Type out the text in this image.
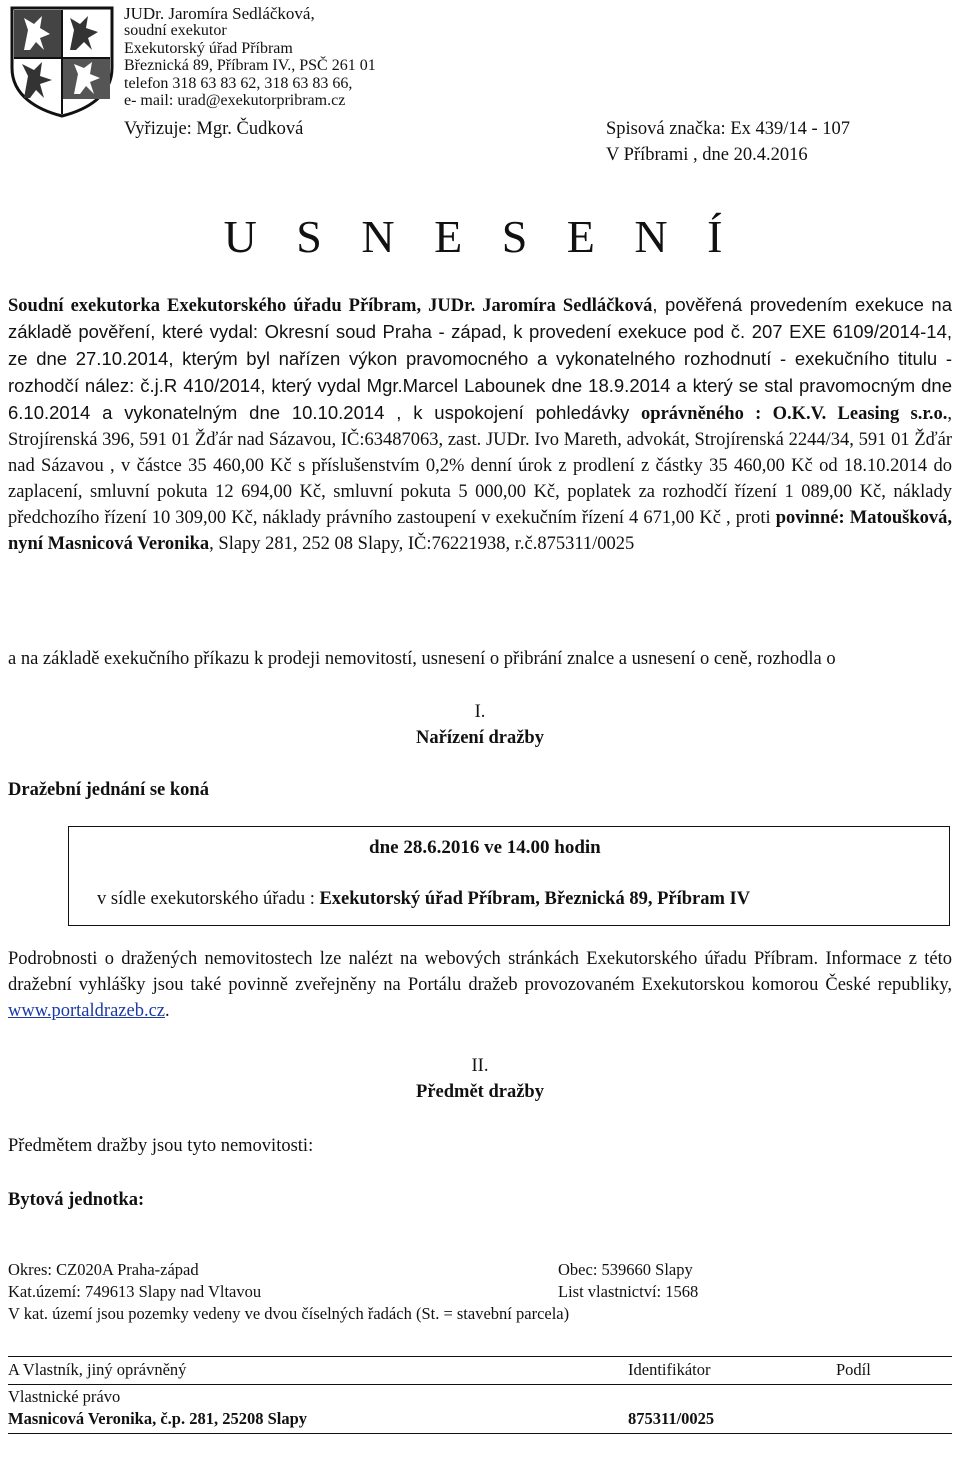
JUDr. Jaromíra Sedláčková,
soudní exekutor
Exekutorský úřad Příbram
Březnická 89, Příbram IV., PSČ 261 01
telefon 318 63 83 62, 318 63 83 66,
e- mail: urad@exekutorpribram.cz
Vyřizuje: Mgr. Čudková	Spisová značka: Ex 439/14 - 107
V Příbrami , dne 20.4.2016
U S N E S E N Í
Soudní exekutorka Exekutorského úřadu Příbram, JUDr. Jaromíra Sedláčková, pověřená provedením exekuce na základě pověření, které vydal: Okresní soud Praha - západ, k provedení exekuce pod č. 207 EXE 6109/2014-14, ze dne 27.10.2014, kterým byl nařízen výkon pravomocného a vykonatelného rozhodnutí - exekučního titulu - rozhodčí nález: č.j.R 410/2014, který vydal Mgr.Marcel Labounek dne 18.9.2014 a který se stal pravomocným dne 6.10.2014 a vykonatelným dne 10.10.2014 , k uspokojení pohledávky oprávněného : O.K.V. Leasing s.r.o., Strojírenská 396, 591 01 Žďár nad Sázavou, IČ:63487063, zast. JUDr. Ivo Mareth, advokát, Strojírenská 2244/34, 591 01 Žďár nad Sázavou , v částce 35 460,00 Kč s příslušenstvím 0,2% denní úrok z prodlení z částky 35 460,00 Kč od 18.10.2014 do zaplacení, smluvní pokuta 12 694,00 Kč, smluvní pokuta 5 000,00 Kč, poplatek za rozhodčí řízení 1 089,00 Kč, náklady předchozího řízení 10 309,00 Kč, náklady právního zastoupení v exekučním řízení 4 671,00 Kč , proti povinné: Matoušková, nyní Masnicová Veronika, Slapy 281, 252 08 Slapy, IČ:76221938, r.č.875311/0025
a na základě exekučního příkazu k prodeji nemovitostí, usnesení o přibrání znalce a usnesení o ceně, rozhodla o
I.
Nařízení dražby
Dražební jednání se koná
dne 28.6.2016 ve 14.00 hodin
v sídle exekutorského úřadu : Exekutorský úřad Příbram, Březnická 89, Příbram IV
Podrobnosti o dražených nemovitostech lze nalézt na webových stránkách Exekutorského úřadu Příbram. Informace z této dražební vyhlášky jsou také povinně zveřejněny na Portálu dražeb provozovaném Exekutorskou komorou České republiky, www.portaldrazeb.cz.
II.
Předmět dražby
Předmětem dražby jsou tyto nemovitosti:
Bytová jednotka:
Okres: CZ020A Praha-západ	Obec: 539660 Slapy
Kat.území: 749613 Slapy nad Vltavou	List vlastnictví: 1568
V kat. území jsou pozemky vedeny ve dvou číselných řadách (St. = stavební parcela)
A Vlastník, jiný oprávněný	Identifikátor	Podíl
Vlastnické právo
Masnicová Veronika, č.p. 281, 25208 Slapy	875311/0025
